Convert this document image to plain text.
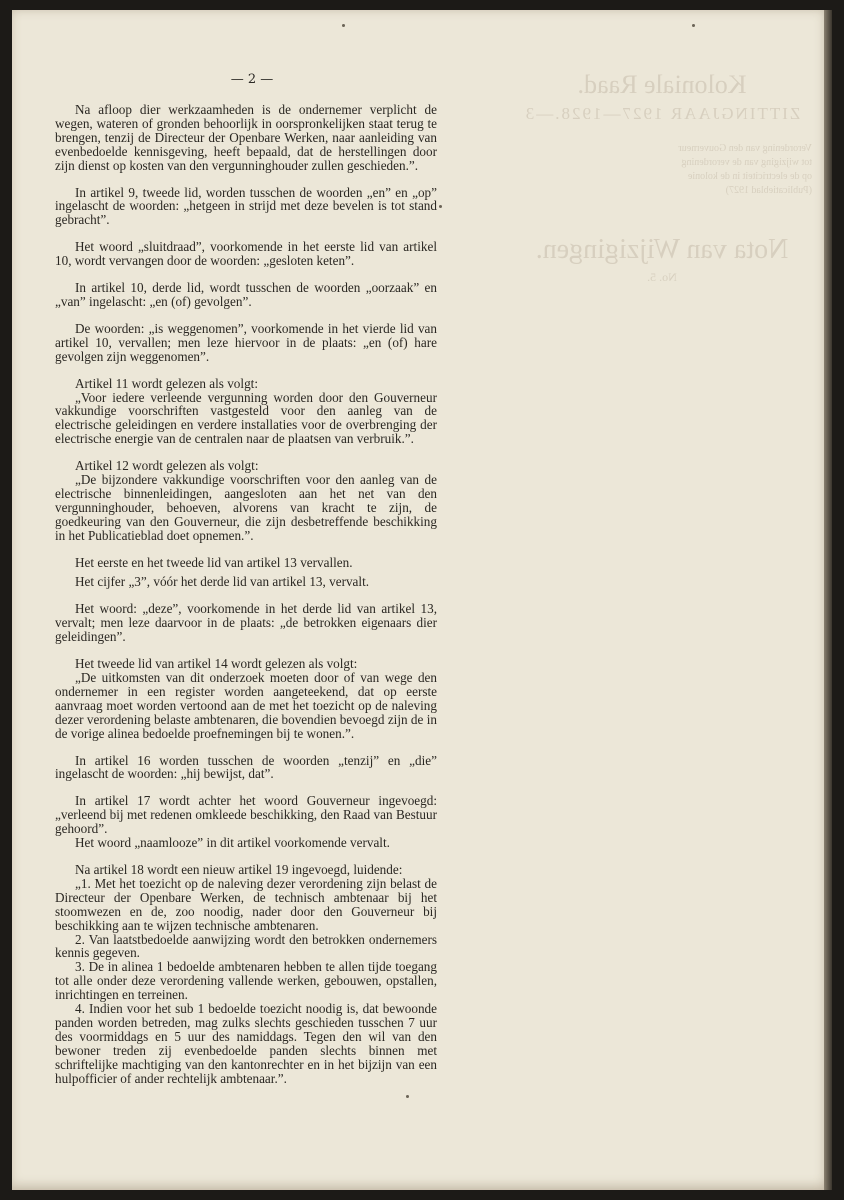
Koloniale Raad.
ZITTINGJAAR 1927—1928.—3
Verordening van den Gouverneur
tot wijziging van de verordening
op de electriciteit in de kolonie
(Publicatieblad 1927)
Nota van Wijzigingen.
No. 5.
— 2 —

Na afloop dier werkzaamheden is de ondernemer verplicht de wegen, wateren of gronden behoorlijk in oorspronkelijken staat terug te brengen, tenzij de Directeur der Openbare Werken, naar aanleiding van evenbedoelde kennisgeving, heeft bepaald, dat de herstellingen door zijn dienst op kosten van den vergunninghouder zullen geschieden.”.

In artikel 9, tweede lid, worden tusschen de woorden „en” en „op” ingelascht de woorden: „hetgeen in strijd met deze bevelen is tot stand gebracht”.

Het woord „sluitdraad”, voorkomende in het eerste lid van artikel 10, wordt vervangen door de woorden: „gesloten keten”.

In artikel 10, derde lid, wordt tusschen de woorden „oorzaak” en „van” ingelascht: „en (of) gevolgen”.

De woorden: „is weggenomen”, voorkomende in het vierde lid van artikel 10, vervallen; men leze hiervoor in de plaats: „en (of) hare gevolgen zijn weggenomen”.

Artikel 11 wordt gelezen als volgt:

„Voor iedere verleende vergunning worden door den Gouverneur vakkundige voorschriften vastgesteld voor den aanleg van de electrische geleidingen en verdere installaties voor de overbrenging der electrische energie van de centralen naar de plaatsen van verbruik.”.

Artikel 12 wordt gelezen als volgt:

„De bijzondere vakkundige voorschriften voor den aanleg van de electrische binnenleidingen, aangesloten aan het net van den vergunninghouder, behoeven, alvorens van kracht te zijn, de goedkeuring van den Gouverneur, die zijn desbetreffende beschikking in het Publicatieblad doet opnemen.”.

Het eerste en het tweede lid van artikel 13 vervallen.

Het cijfer „3”, vóór het derde lid van artikel 13, vervalt.

Het woord: „deze”, voorkomende in het derde lid van artikel 13, vervalt; men leze daarvoor in de plaats: „de betrokken eigenaars dier geleidingen”.

Het tweede lid van artikel 14 wordt gelezen als volgt:

„De uitkomsten van dit onderzoek moeten door of van wege den ondernemer in een register worden aangeteekend, dat op eerste aanvraag moet worden vertoond aan de met het toezicht op de naleving dezer verordening belaste ambtenaren, die bovendien bevoegd zijn de in de vorige alinea bedoelde proefnemingen bij te wonen.”.

In artikel 16 worden tusschen de woorden „tenzij” en „die” ingelascht de woorden: „hij bewijst, dat”.

In artikel 17 wordt achter het woord Gouverneur ingevoegd: „verleend bij met redenen omkleede beschikking, den Raad van Bestuur gehoord”.

Het woord „naamlooze” in dit artikel voorkomende vervalt.

Na artikel 18 wordt een nieuw artikel 19 ingevoegd, luidende:

„1. Met het toezicht op de naleving dezer verordening zijn belast de Directeur der Openbare Werken, de technisch ambtenaar bij het stoomwezen en de, zoo noodig, nader door den Gouverneur bij beschikking aan te wijzen technische ambtenaren.

2. Van laatstbedoelde aanwijzing wordt den betrokken ondernemers kennis gegeven.

3. De in alinea 1 bedoelde ambtenaren hebben te allen tijde toegang tot alle onder deze verordening vallende werken, gebouwen, opstallen, inrichtingen en terreinen.

4. Indien voor het sub 1 bedoelde toezicht noodig is, dat bewoonde panden worden betreden, mag zulks slechts geschieden tusschen 7 uur des voormiddags en 5 uur des namiddags. Tegen den wil van den bewoner treden zij evenbedoelde panden slechts binnen met schriftelijke machtiging van den kantonrechter en in het bijzijn van een hulpofficier of ander rechtelijk ambtenaar.”.
